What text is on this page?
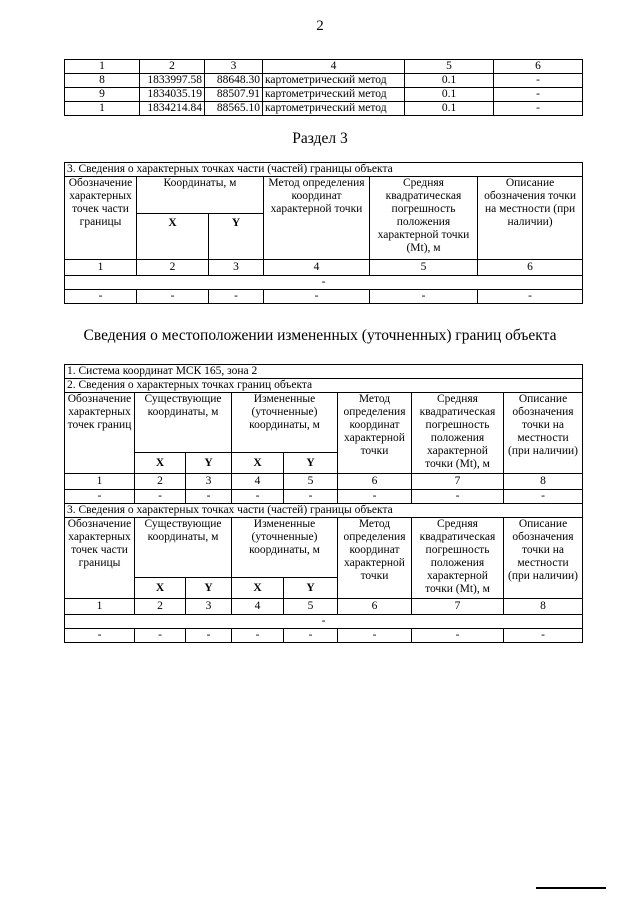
2
1	2	3	4	5	6
8	1833997.58	88648.30	картометрический метод	0.1	-
9	1834035.19	88507.91	картометрический метод	0.1	-
1	1834214.84	88565.10	картометрический метод	0.1	-
Раздел 3
3. Сведения о характерных точках части (частей) границы объекта					
Обозначение характерных точек части границы	Координаты, м		Метод определения координат характерной точки	Средняя квадратическая погрешность положения характерной точки (Mt), м	Описание обозначения точки на местности (при наличии)
	X	Y			
1	2	3	4	5	6
-					
-	-	-	-	-	-
Сведения о местоположении измененных (уточненных) границ объекта
1. Система координат МСК 165, зона 2							
2. Сведения о характерных точках границ объекта							
Обозначение характерных точек границ	Существующие координаты, м		Измененные (уточненные) координаты, м		Метод определения координат характерной точки	Средняя квадратическая погрешность положения характерной точки (Mt), м	Описание обозначения точки на местности (при наличии)
	X	Y	X	Y			
1	2	3	4	5	6	7	8
-	-	-	-	-	-	-	-
3. Сведения о характерных точках части (частей) границы объекта							
Обозначение характерных точек части границы	Существующие координаты, м		Измененные (уточненные) координаты, м		Метод определения координат характерной точки	Средняя квадратическая погрешность положения характерной точки (Mt), м	Описание обозначения точки на местности (при наличии)
	X	Y	X	Y			
1	2	3	4	5	6	7	8
-							
-	-	-	-	-	-	-	-
